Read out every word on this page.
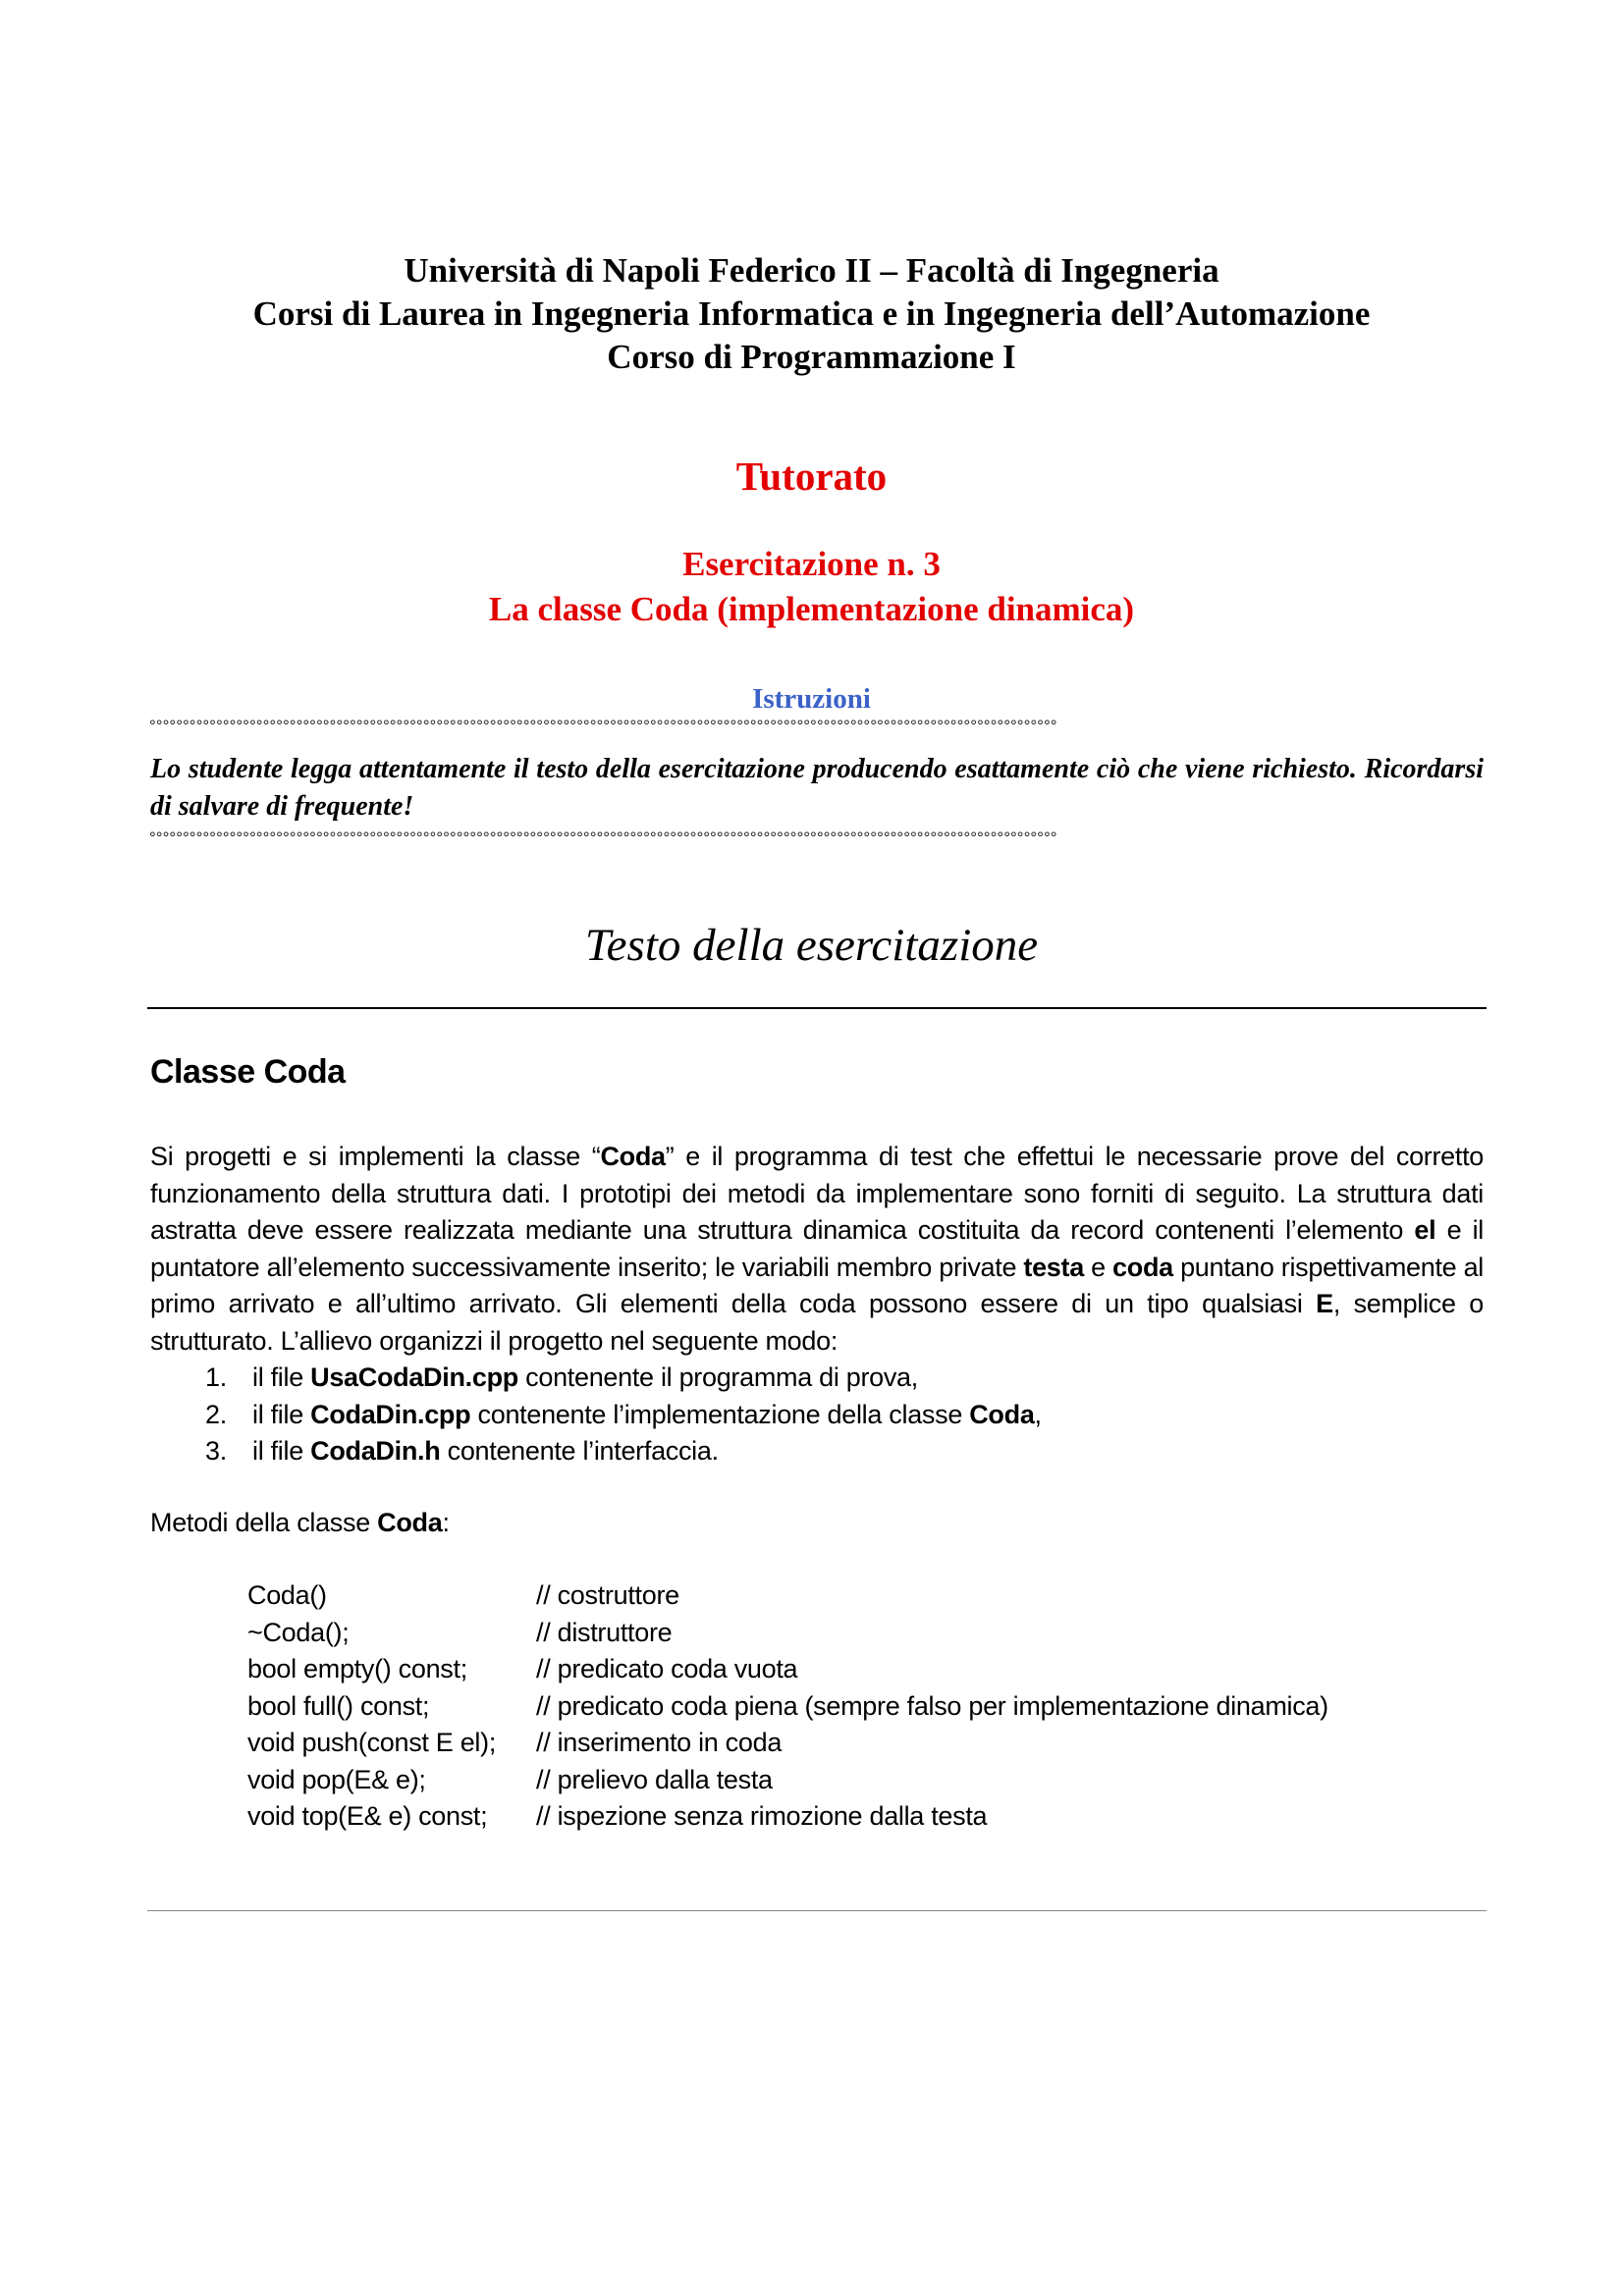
Università di Napoli Federico II – Facoltà di Ingegneria
Corsi di Laurea in Ingegneria Informatica e in Ingegneria dell’Automazione
Corso di Programmazione I
Tutorato
Esercitazione n. 3
La classe Coda (implementazione dinamica)
Istruzioni
°°°°°°°°°°°°°°°°°°°°°°°°°°°°°°°°°°°°°°°°°°°°°°°°°°°°°°°°°°°°°°°°°°°°°°°°°°°°°°°°°°°°°°°°°°°°°°°°°°°°°°°°°°°°°°°°°°°°°°°°°°°°°°°°°°°°°°°°
Lo studente legga attentamente il testo della esercitazione producendo esattamente ciò che viene richiesto. Ricordarsi di salvare di frequente!
°°°°°°°°°°°°°°°°°°°°°°°°°°°°°°°°°°°°°°°°°°°°°°°°°°°°°°°°°°°°°°°°°°°°°°°°°°°°°°°°°°°°°°°°°°°°°°°°°°°°°°°°°°°°°°°°°°°°°°°°°°°°°°°°°°°°°°°°
Testo della esercitazione
Classe Coda
Si progetti e si implementi la classe “Coda” e il programma di test che effettui le necessarie prove del corretto funzionamento della struttura dati. I prototipi dei metodi da implementare sono forniti di seguito. La struttura dati astratta deve essere realizzata mediante una struttura dinamica costituita da record contenenti l’elemento el e il puntatore all’elemento successivamente inserito; le variabili membro private testa e coda puntano rispettivamente al primo arrivato e all’ultimo arrivato. Gli elementi della coda possono essere di un tipo qualsiasi E, semplice o strutturato. L’allievo organizzi il progetto nel seguente modo:
1. il file UsaCodaDin.cpp contenente il programma di prova,
2. il file CodaDin.cpp contenente l’implementazione della classe Coda,
3. il file CodaDin.h contenente l’interfaccia.
Metodi della classe Coda:
Coda()	// costruttore
~Coda();	// distruttore
bool empty() const;	// predicato coda vuota
bool full() const;	// predicato coda piena (sempre falso per implementazione dinamica)
void push(const E el); // inserimento in coda
void pop(E& e);	// prelievo dalla testa
void top(E& e) const; // ispezione senza rimozione dalla testa
